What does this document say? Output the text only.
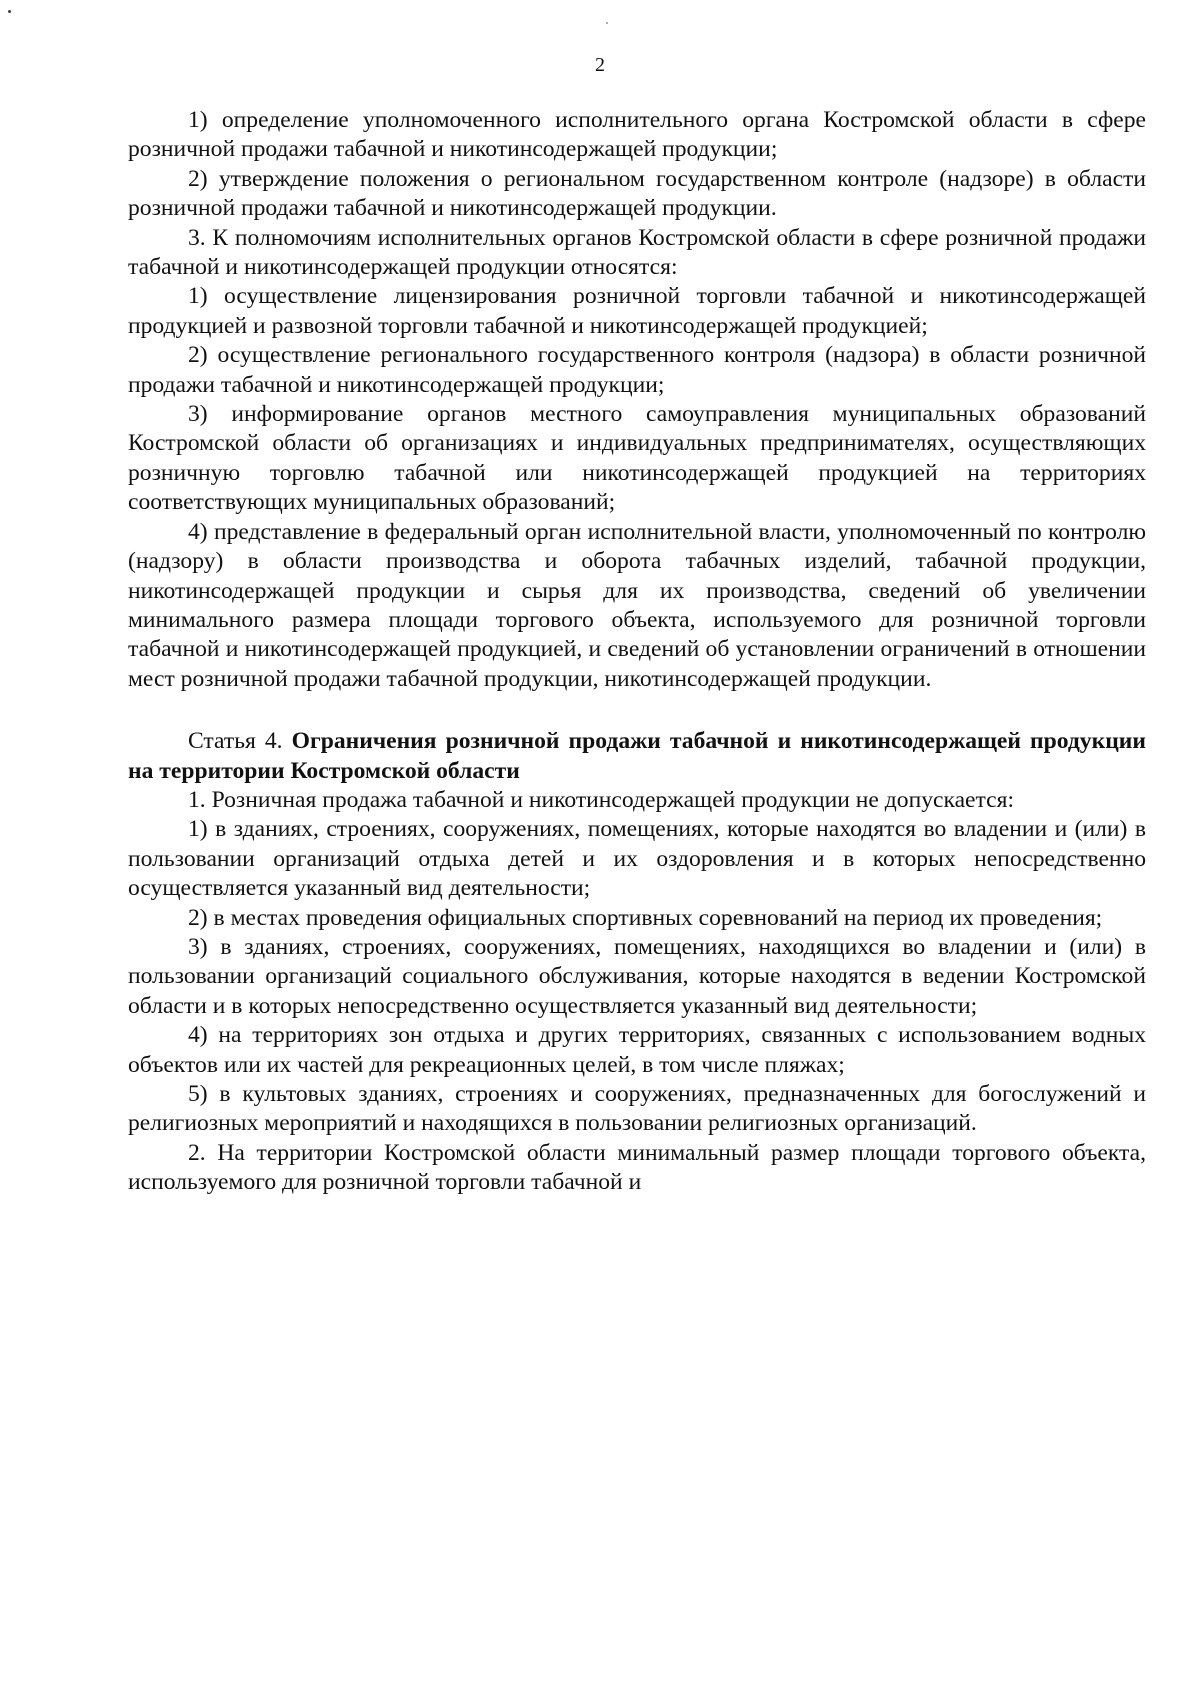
2

1) определение уполномоченного исполнительного органа Костромской области в сфере розничной продажи табачной и никотинсодержащей продукции;

2) утверждение положения о региональном государственном контроле (надзоре) в области розничной продажи табачной и никотинсодержащей продукции.

3. К полномочиям исполнительных органов Костромской области в сфере розничной продажи табачной и никотинсодержащей продукции относятся:

1) осуществление лицензирования розничной торговли табачной и никотинсодержащей продукцией и развозной торговли табачной и никотинсодержащей продукцией;

2) осуществление регионального государственного контроля (надзора) в области розничной продажи табачной и никотинсодержащей продукции;

3) информирование органов местного самоуправления муниципальных образований Костромской области об организациях и индивидуальных предпринимателях, осуществляющих розничную торговлю табачной или никотинсодержащей продукцией на территориях соответствующих муниципальных образований;

4) представление в федеральный орган исполнительной власти, уполномоченный по контролю (надзору) в области производства и оборота табачных изделий, табачной продукции, никотинсодержащей продукции и сырья для их производства, сведений об увеличении минимального размера площади торгового объекта, используемого для розничной торговли табачной и никотинсодержащей продукцией, и сведений об установлении ограничений в отношении мест розничной продажи табачной продукции, никотинсодержащей продукции.

Статья 4. Ограничения розничной продажи табачной и никотинсодержащей продукции на территории Костромской области

1. Розничная продажа табачной и никотинсодержащей продукции не допускается:

1) в зданиях, строениях, сооружениях, помещениях, которые находятся во владении и (или) в пользовании организаций отдыха детей и их оздоровления и в которых непосредственно осуществляется указанный вид деятельности;

2) в местах проведения официальных спортивных соревнований на период их проведения;

3) в зданиях, строениях, сооружениях, помещениях, находящихся во владении и (или) в пользовании организаций социального обслуживания, которые находятся в ведении Костромской области и в которых непосредственно осуществляется указанный вид деятельности;

4) на территориях зон отдыха и других территориях, связанных с использованием водных объектов или их частей для рекреационных целей, в том числе пляжах;

5) в культовых зданиях, строениях и сооружениях, предназначенных для богослужений и религиозных мероприятий и находящихся в пользовании религиозных организаций.

2. На территории Костромской области минимальный размер площади торгового объекта, используемого для розничной торговли табачной и
